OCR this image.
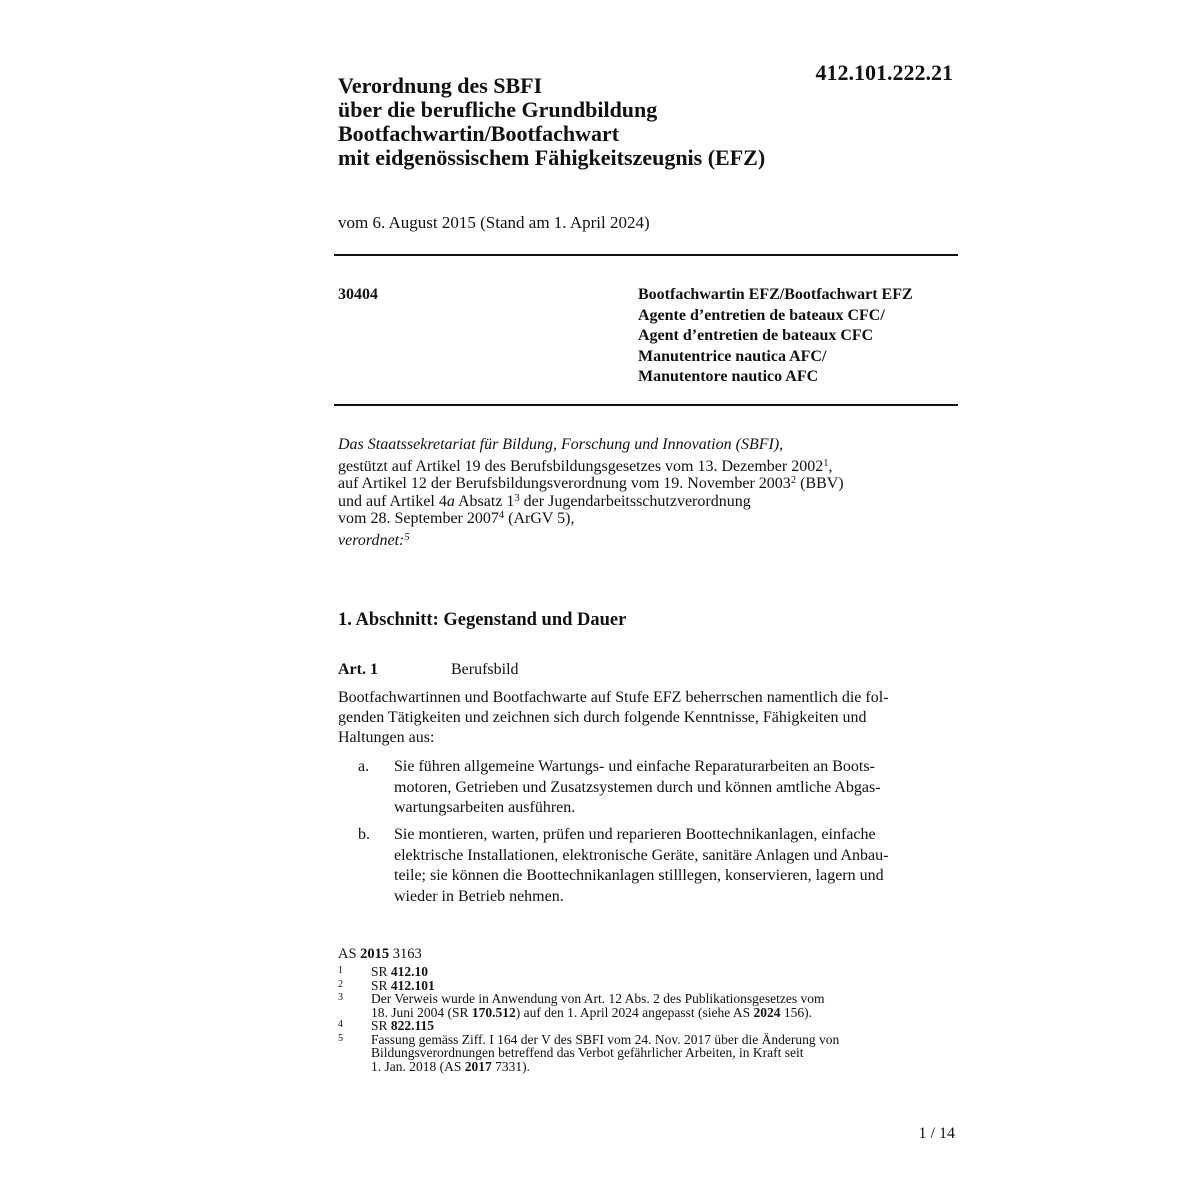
412.101.222.21
Verordnung des SBFI
über die berufliche Grundbildung
Bootfachwartin/Bootfachwart
mit eidgenössischem Fähigkeitszeugnis (EFZ)
vom 6. August 2015 (Stand am 1. April 2024)
30404	Bootfachwartin EFZ/Bootfachwart EFZ
Agente d’entretien de bateaux CFC/
Agent d’entretien de bateaux CFC
Manutentrice nautica AFC/
Manutentore nautico AFC
Das Staatssekretariat für Bildung, Forschung und Innovation (SBFI),
gestützt auf Artikel 19 des Berufsbildungsgesetzes vom 13. Dezember 2002$^1$,
auf Artikel 12 der Berufsbildungsverordnung vom 19. November 2003$^2$ (BBV)
und auf Artikel 4a Absatz $1^3$ der Jugendarbeitsschutzverordnung
vom 28. September 2007$^4$ (ArGV 5),
verordnet:$^5$
1. Abschnitt: Gegenstand und Dauer
Art. 1	Berufsbild
Bootfachwartinnen und Bootfachwarte auf Stufe EFZ beherrschen namentlich die fol-
genden Tätigkeiten und zeichnen sich durch folgende Kenntnisse, Fähigkeiten und
Haltungen aus:
a. Sie führen allgemeine Wartungs- und einfache Reparaturarbeiten an Boots-
motoren, Getrieben und Zusatzsystemen durch und können amtliche Abgas-
wartungsarbeiten ausführen.
b. Sie montieren, warten, prüfen und reparieren Boottechnikanlagen, einfache
elektrische Installationen, elektronische Geräte, sanitäre Anlagen und Anbau-
teile; sie können die Boottechnikanlagen stilllegen, konservieren, lagern und
wieder in Betrieb nehmen.
AS 2015 3163
1 SR 412.10
2 SR 412.101
3 Der Verweis wurde in Anwendung von Art. 12 Abs. 2 des Publikationsgesetzes vom
18. Juni 2004 (SR 170.512) auf den 1. April 2024 angepasst (siehe AS 2024 156).
4 SR 822.115
5 Fassung gemäss Ziff. I 164 der V des SBFI vom 24. Nov. 2017 über die Änderung von
Bildungsverordnungen betreffend das Verbot gefährlicher Arbeiten, in Kraft seit
1. Jan. 2018 (AS 2017 7331).
1 / 14
